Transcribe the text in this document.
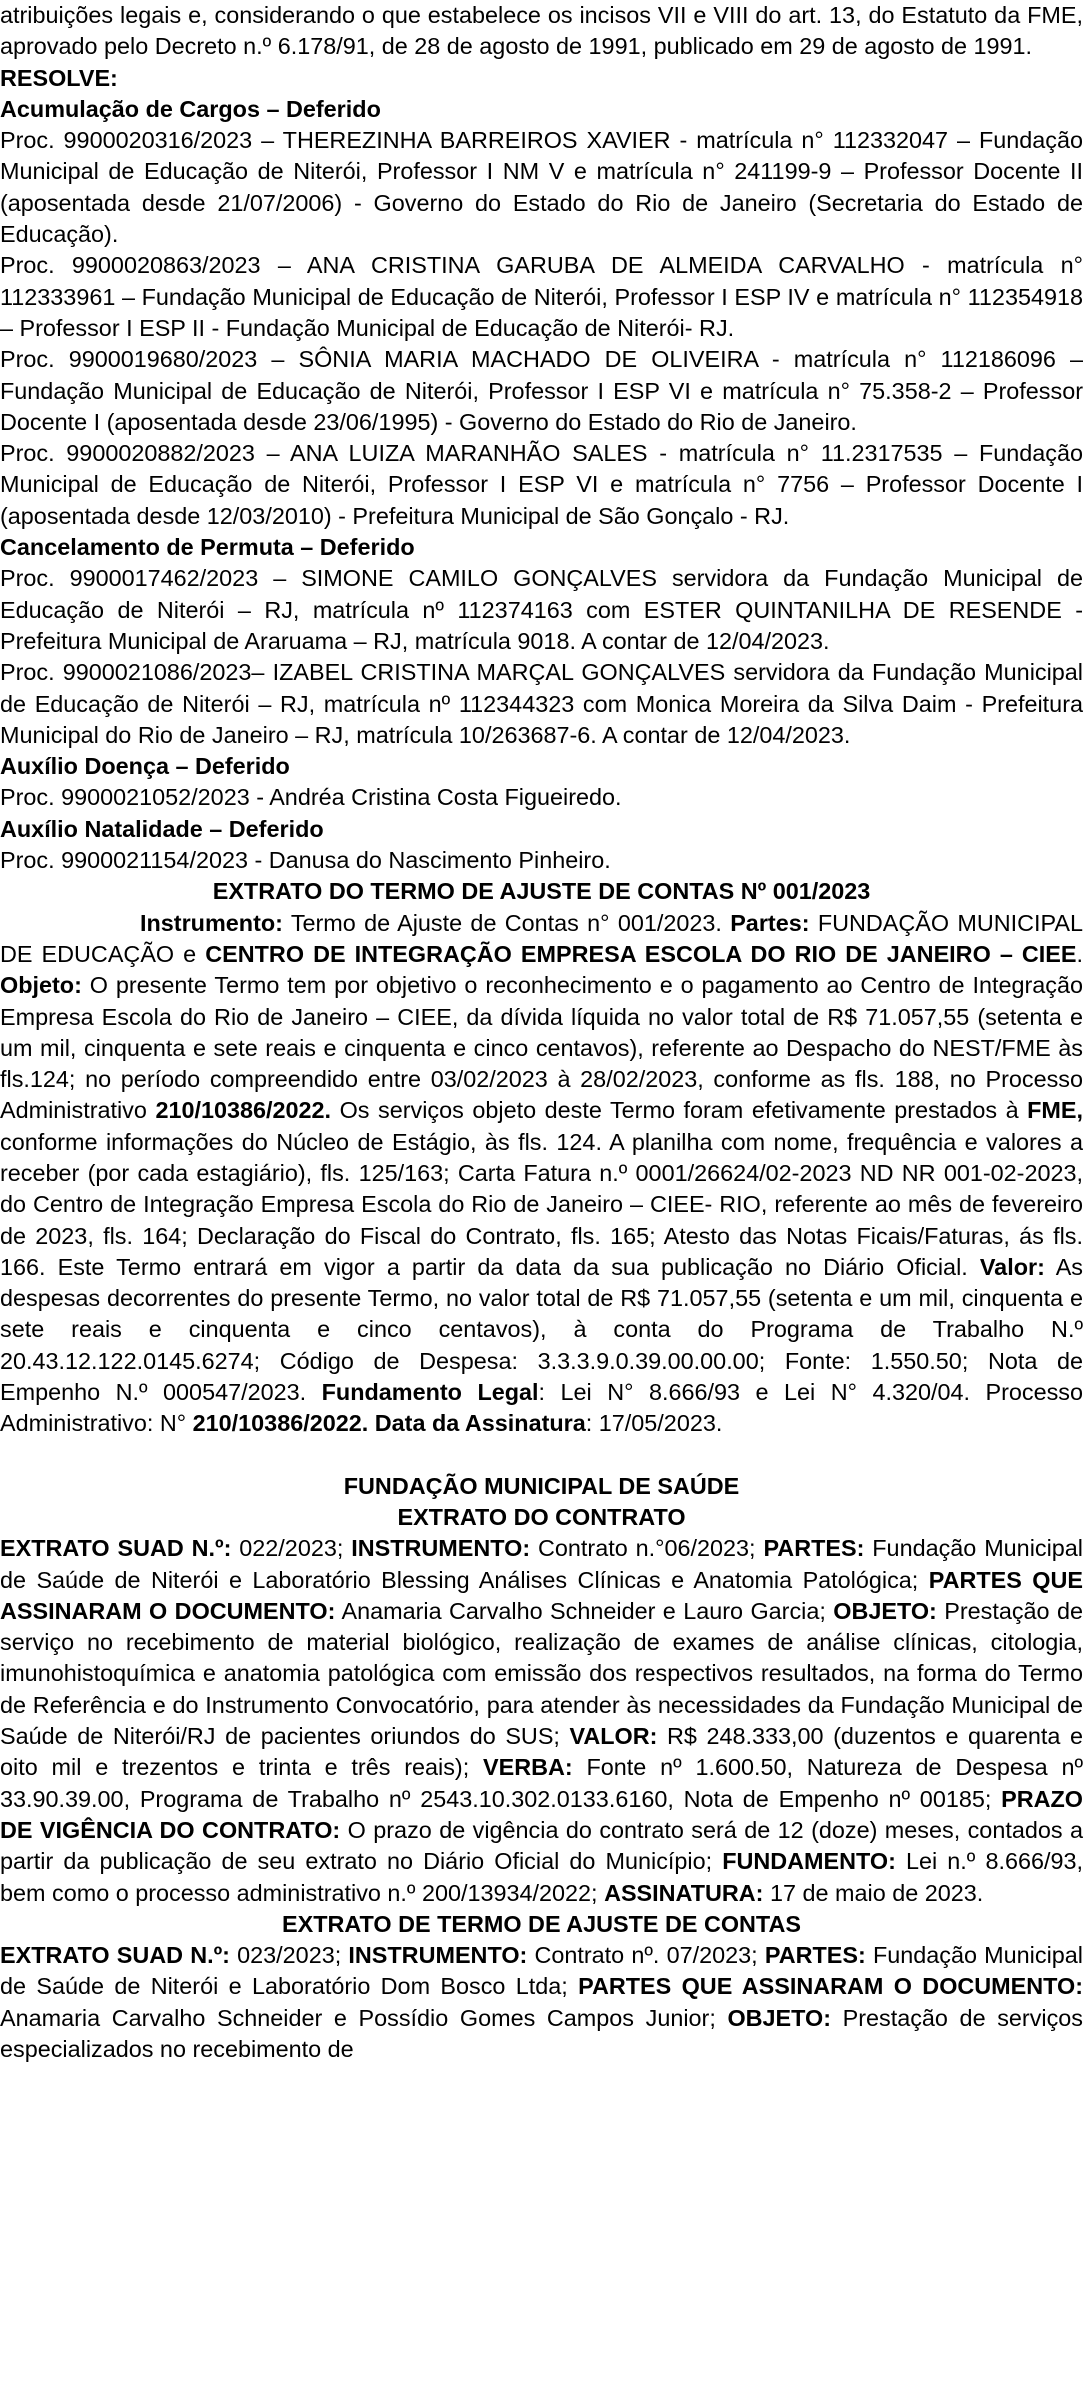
atribuições legais e, considerando o que estabelece os incisos VII e VIII do art. 13, do Estatuto da FME, aprovado pelo Decreto n.º 6.178/91, de 28 de agosto de 1991, publicado em 29 de agosto de 1991.

RESOLVE:

Acumulação de Cargos – Deferido

Proc. 9900020316/2023 – THEREZINHA BARREIROS XAVIER - matrícula n° 112332047 – Fundação Municipal de Educação de Niterói, Professor I NM V e matrícula n° 241199-9 – Professor Docente II (aposentada desde 21/07/2006) - Governo do Estado do Rio de Janeiro (Secretaria do Estado de Educação).

Proc. 9900020863/2023 – ANA CRISTINA GARUBA DE ALMEIDA CARVALHO - matrícula n° 112333961 – Fundação Municipal de Educação de Niterói, Professor I ESP IV e matrícula n° 112354918 – Professor I ESP II - Fundação Municipal de Educação de Niterói- RJ.

Proc. 9900019680/2023 – SÔNIA MARIA MACHADO DE OLIVEIRA - matrícula n° 112186096 – Fundação Municipal de Educação de Niterói, Professor I ESP VI e matrícula n° 75.358-2 – Professor Docente I (aposentada desde 23/06/1995) - Governo do Estado do Rio de Janeiro.

Proc. 9900020882/2023 – ANA LUIZA MARANHÃO SALES - matrícula n° 11.2317535 – Fundação Municipal de Educação de Niterói, Professor I ESP VI e matrícula n° 7756 – Professor Docente I (aposentada desde 12/03/2010) - Prefeitura Municipal de São Gonçalo - RJ.

Cancelamento de Permuta – Deferido

Proc. 9900017462/2023 – SIMONE CAMILO GONÇALVES servidora da Fundação Municipal de Educação de Niterói – RJ, matrícula nº 112374163 com ESTER QUINTANILHA DE RESENDE - Prefeitura Municipal de Araruama – RJ, matrícula 9018. A contar de 12/04/2023.

Proc. 9900021086/2023– IZABEL CRISTINA MARÇAL GONÇALVES servidora da Fundação Municipal de Educação de Niterói – RJ, matrícula nº 112344323 com Monica Moreira da Silva Daim - Prefeitura Municipal do Rio de Janeiro – RJ, matrícula 10/263687-6. A contar de 12/04/2023.

Auxílio Doença – Deferido

Proc. 9900021052/2023 - Andréa Cristina Costa Figueiredo.

Auxílio Natalidade – Deferido

Proc. 9900021154/2023 - Danusa do Nascimento Pinheiro.

EXTRATO DO TERMO DE AJUSTE DE CONTAS Nº 001/2023

Instrumento: Termo de Ajuste de Contas n° 001/2023. Partes: FUNDAÇÃO MUNICIPAL DE EDUCAÇÃO e CENTRO DE INTEGRAÇÃO EMPRESA ESCOLA DO RIO DE JANEIRO – CIEE. Objeto: O presente Termo tem por objetivo o reconhecimento e o pagamento ao Centro de Integração Empresa Escola do Rio de Janeiro – CIEE, da dívida líquida no valor total de R$ 71.057,55 (setenta e um mil, cinquenta e sete reais e cinquenta e cinco centavos), referente ao Despacho do NEST/FME às fls.124; no período compreendido entre 03/02/2023 à 28/02/2023, conforme as fls. 188, no Processo Administrativo 210/10386/2022. Os serviços objeto deste Termo foram efetivamente prestados à FME, conforme informações do Núcleo de Estágio, às fls. 124. A planilha com nome, frequência e valores a receber (por cada estagiário), fls. 125/163; Carta Fatura n.º 0001/26624/02-2023 ND NR 001-02-2023, do Centro de Integração Empresa Escola do Rio de Janeiro – CIEE- RIO, referente ao mês de fevereiro de 2023, fls. 164; Declaração do Fiscal do Contrato, fls. 165; Atesto das Notas Ficais/Faturas, ás fls. 166. Este Termo entrará em vigor a partir da data da sua publicação no Diário Oficial. Valor: As despesas decorrentes do presente Termo, no valor total de R$ 71.057,55 (setenta e um mil, cinquenta e sete reais e cinquenta e cinco centavos), à conta do Programa de Trabalho N.º 20.43.12.122.0145.6274; Código de Despesa: 3.3.3.9.0.39.00.00.00; Fonte: 1.550.50; Nota de Empenho N.º 000547/2023. Fundamento Legal: Lei N° 8.666/93 e Lei N° 4.320/04. Processo Administrativo: N° 210/10386/2022. Data da Assinatura: 17/05/2023.

FUNDAÇÃO MUNICIPAL DE SAÚDE

EXTRATO DO CONTRATO

EXTRATO SUAD N.º: 022/2023; INSTRUMENTO: Contrato n.°06/2023; PARTES: Fundação Municipal de Saúde de Niterói e Laboratório Blessing Análises Clínicas e Anatomia Patológica; PARTES QUE ASSINARAM O DOCUMENTO: Anamaria Carvalho Schneider e Lauro Garcia; OBJETO: Prestação de serviço no recebimento de material biológico, realização de exames de análise clínicas, citologia, imunohistoquímica e anatomia patológica com emissão dos respectivos resultados, na forma do Termo de Referência e do Instrumento Convocatório, para atender às necessidades da Fundação Municipal de Saúde de Niterói/RJ de pacientes oriundos do SUS; VALOR: R$ 248.333,00 (duzentos e quarenta e oito mil e trezentos e trinta e três reais); VERBA: Fonte nº 1.600.50, Natureza de Despesa nº 33.90.39.00, Programa de Trabalho nº 2543.10.302.0133.6160, Nota de Empenho nº 00185; PRAZO DE VIGÊNCIA DO CONTRATO: O prazo de vigência do contrato será de 12 (doze) meses, contados a partir da publicação de seu extrato no Diário Oficial do Município; FUNDAMENTO: Lei n.º 8.666/93, bem como o processo administrativo n.º 200/13934/2022; ASSINATURA: 17 de maio de 2023.

EXTRATO DE TERMO DE AJUSTE DE CONTAS

EXTRATO SUAD N.º: 023/2023; INSTRUMENTO: Contrato nº. 07/2023; PARTES: Fundação Municipal de Saúde de Niterói e Laboratório Dom Bosco Ltda; PARTES QUE ASSINARAM O DOCUMENTO: Anamaria Carvalho Schneider e Possídio Gomes Campos Junior; OBJETO: Prestação de serviços especializados no recebimento de
